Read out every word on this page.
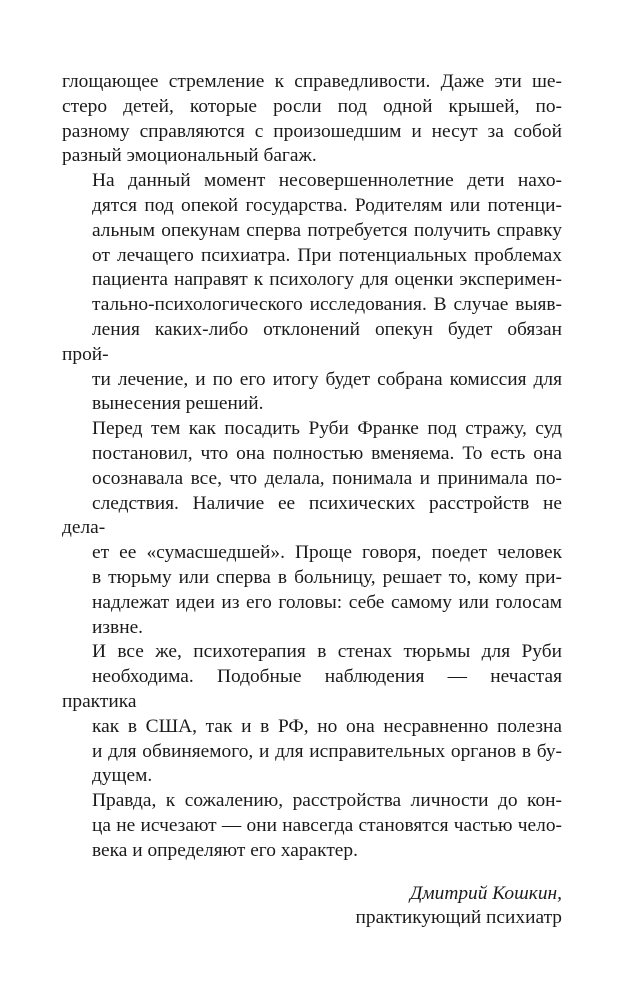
глощающее стремление к справедливости. Даже эти ше-
стеро детей, которые росли под одной крышей, по-
разному справляются с произошедшим и несут за собой
разный эмоциональный багаж.

На данный момент несовершеннолетние дети нахо-
дятся под опекой государства. Родителям или потенци-
альным опекунам сперва потребуется получить справку
от лечащего психиатра. При потенциальных проблемах
пациента направят к психологу для оценки эксперимен-
тально-психологического исследования. В случае выяв-
ления каких-либо отклонений опекун будет обязан прой-
ти лечение, и по его итогу будет собрана комиссия для
вынесения решений.

Перед тем как посадить Руби Франке под стражу, суд
постановил, что она полностью вменяема. То есть она
осознавала все, что делала, понимала и принимала по-
следствия. Наличие ее психических расстройств не дела-
ет ее «сумасшедшей». Проще говоря, поедет человек
в тюрьму или сперва в больницу, решает то, кому при-
надлежат идеи из его головы: себе самому или голосам
извне.

И все же, психотерапия в стенах тюрьмы для Руби
необходима. Подобные наблюдения — нечастая практика
как в США, так и в РФ, но она несравненно полезна
и для обвиняемого, и для исправительных органов в бу-
дущем.

Правда, к сожалению, расстройства личности до кон-
ца не исчезают — они навсегда становятся частью чело-
века и определяют его характер.

Дмитрий Кошкин,
практикующий психиатр
